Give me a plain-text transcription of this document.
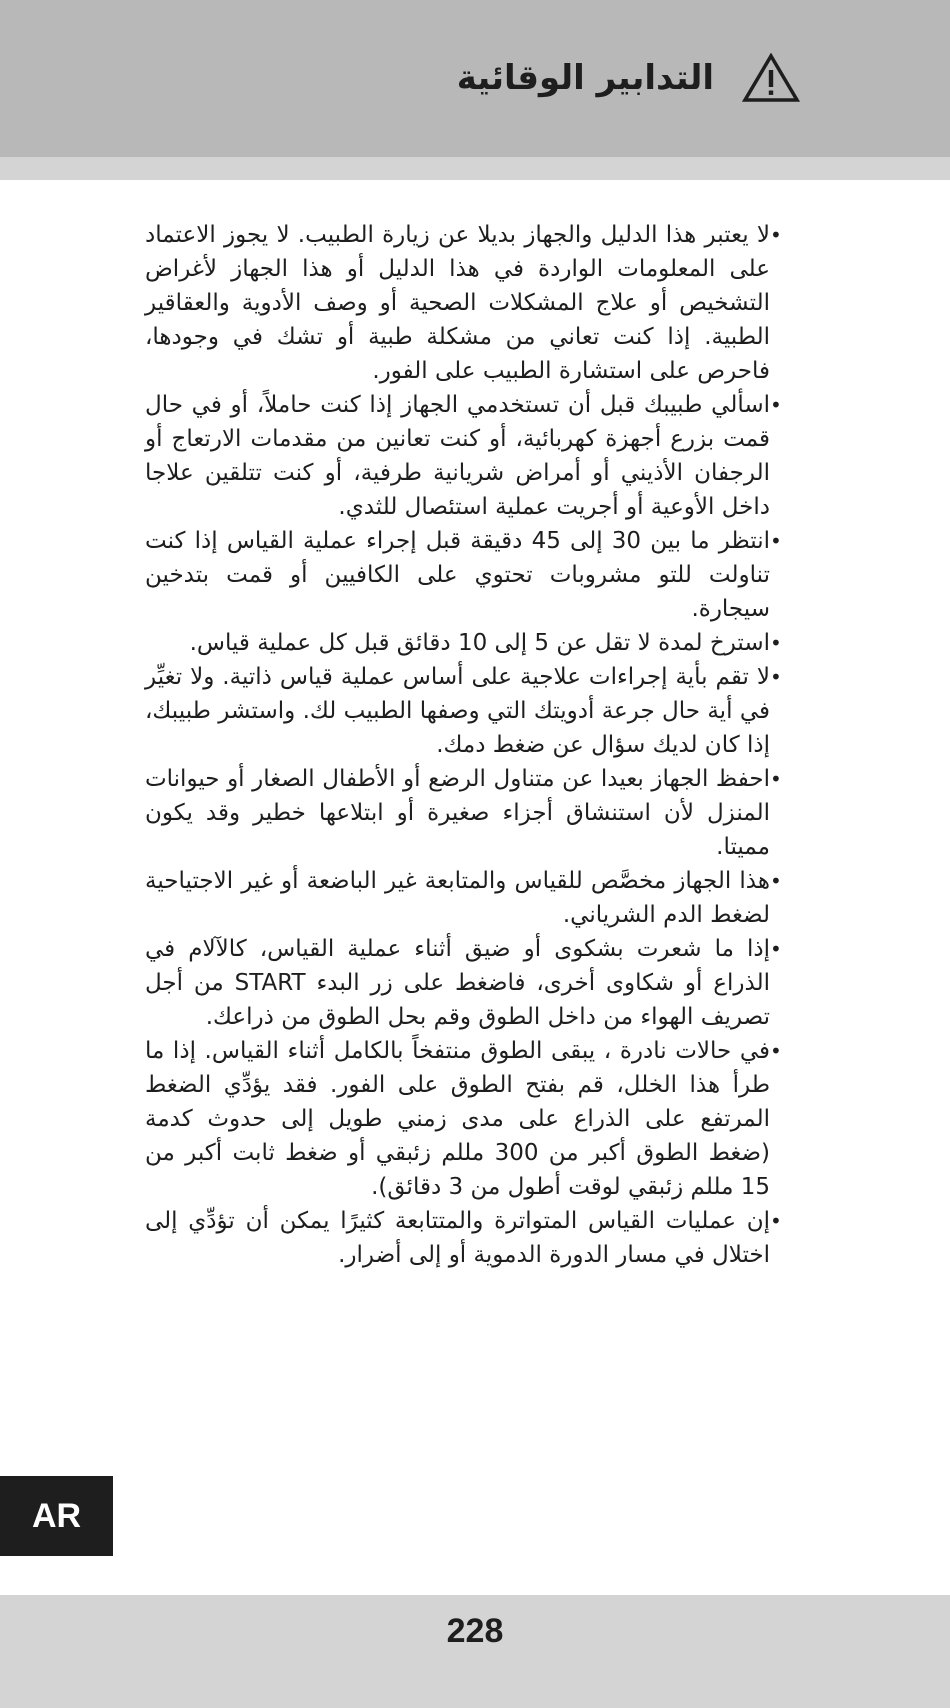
التدابير الوقائية
•
لا يعتبر هذا الدليل والجهاز بديلا عن زيارة الطبيب. لا يجوز الاعتماد على المعلومات الواردة في هذا الدليل أو هذا الجهاز لأغراض التشخيص أو علاج المشكلات الصحية أو وصف الأدوية والعقاقير الطبية. إذا كنت تعاني من مشكلة طبية أو تشك في وجودها، فاحرص على استشارة الطبيب على الفور.
•
اسألي طبيبك قبل أن تستخدمي الجهاز إذا كنت حاملاً، أو في حال قمت بزرع أجهزة كهربائية، أو كنت تعانين من مقدمات الارتعاج أو الرجفان الأذيني أو أمراض شريانية طرفية، أو كنت تتلقين علاجا داخل الأوعية أو أجريت عملية استئصال للثدي.
•
انتظر ما بين 30 إلى 45 دقيقة قبل إجراء عملية القياس إذا كنت تناولت للتو مشروبات تحتوي على الكافيين أو قمت بتدخين سيجارة.
•
استرخ لمدة لا تقل عن 5 إلى 10 دقائق قبل كل عملية قياس.
•
لا تقم بأية إجراءات علاجية على أساس عملية قياس ذاتية. ولا تغيِّر في أية حال جرعة أدويتك التي وصفها الطبيب لك. واستشر طبيبك، إذا كان لديك سؤال عن ضغط دمك.
•
احفظ الجهاز بعيدا عن متناول الرضع أو الأطفال الصغار أو حيوانات المنزل لأن استنشاق أجزاء صغيرة أو ابتلاعها خطير وقد يكون مميتا.
•
هذا الجهاز مخصَّص للقياس والمتابعة غير الباضعة أو غير الاجتياحية لضغط الدم الشرياني.
•
إذا ما شعرت بشكوى أو ضيق أثناء عملية القياس، كالآلام في الذراع أو شكاوى أخرى، فاضغط على زر البدء START من أجل تصريف الهواء من داخل الطوق وقم بحل الطوق من ذراعك.
•
في حالات نادرة ، يبقى الطوق منتفخاً بالكامل أثناء القياس. إذا ما طرأ هذا الخلل، قم بفتح الطوق على الفور. فقد يؤدِّي الضغط المرتفع على الذراع على مدى زمني طويل إلى حدوث كدمة (ضغط الطوق أكبر من 300 مللم زئبقي أو ضغط ثابت أكبر من 15 مللم زئبقي لوقت أطول من 3 دقائق).
•
إن عمليات القياس المتواترة والمتتابعة كثيرًا يمكن أن تؤدِّي إلى اختلال في مسار الدورة الدموية أو إلى أضرار.
AR
228
